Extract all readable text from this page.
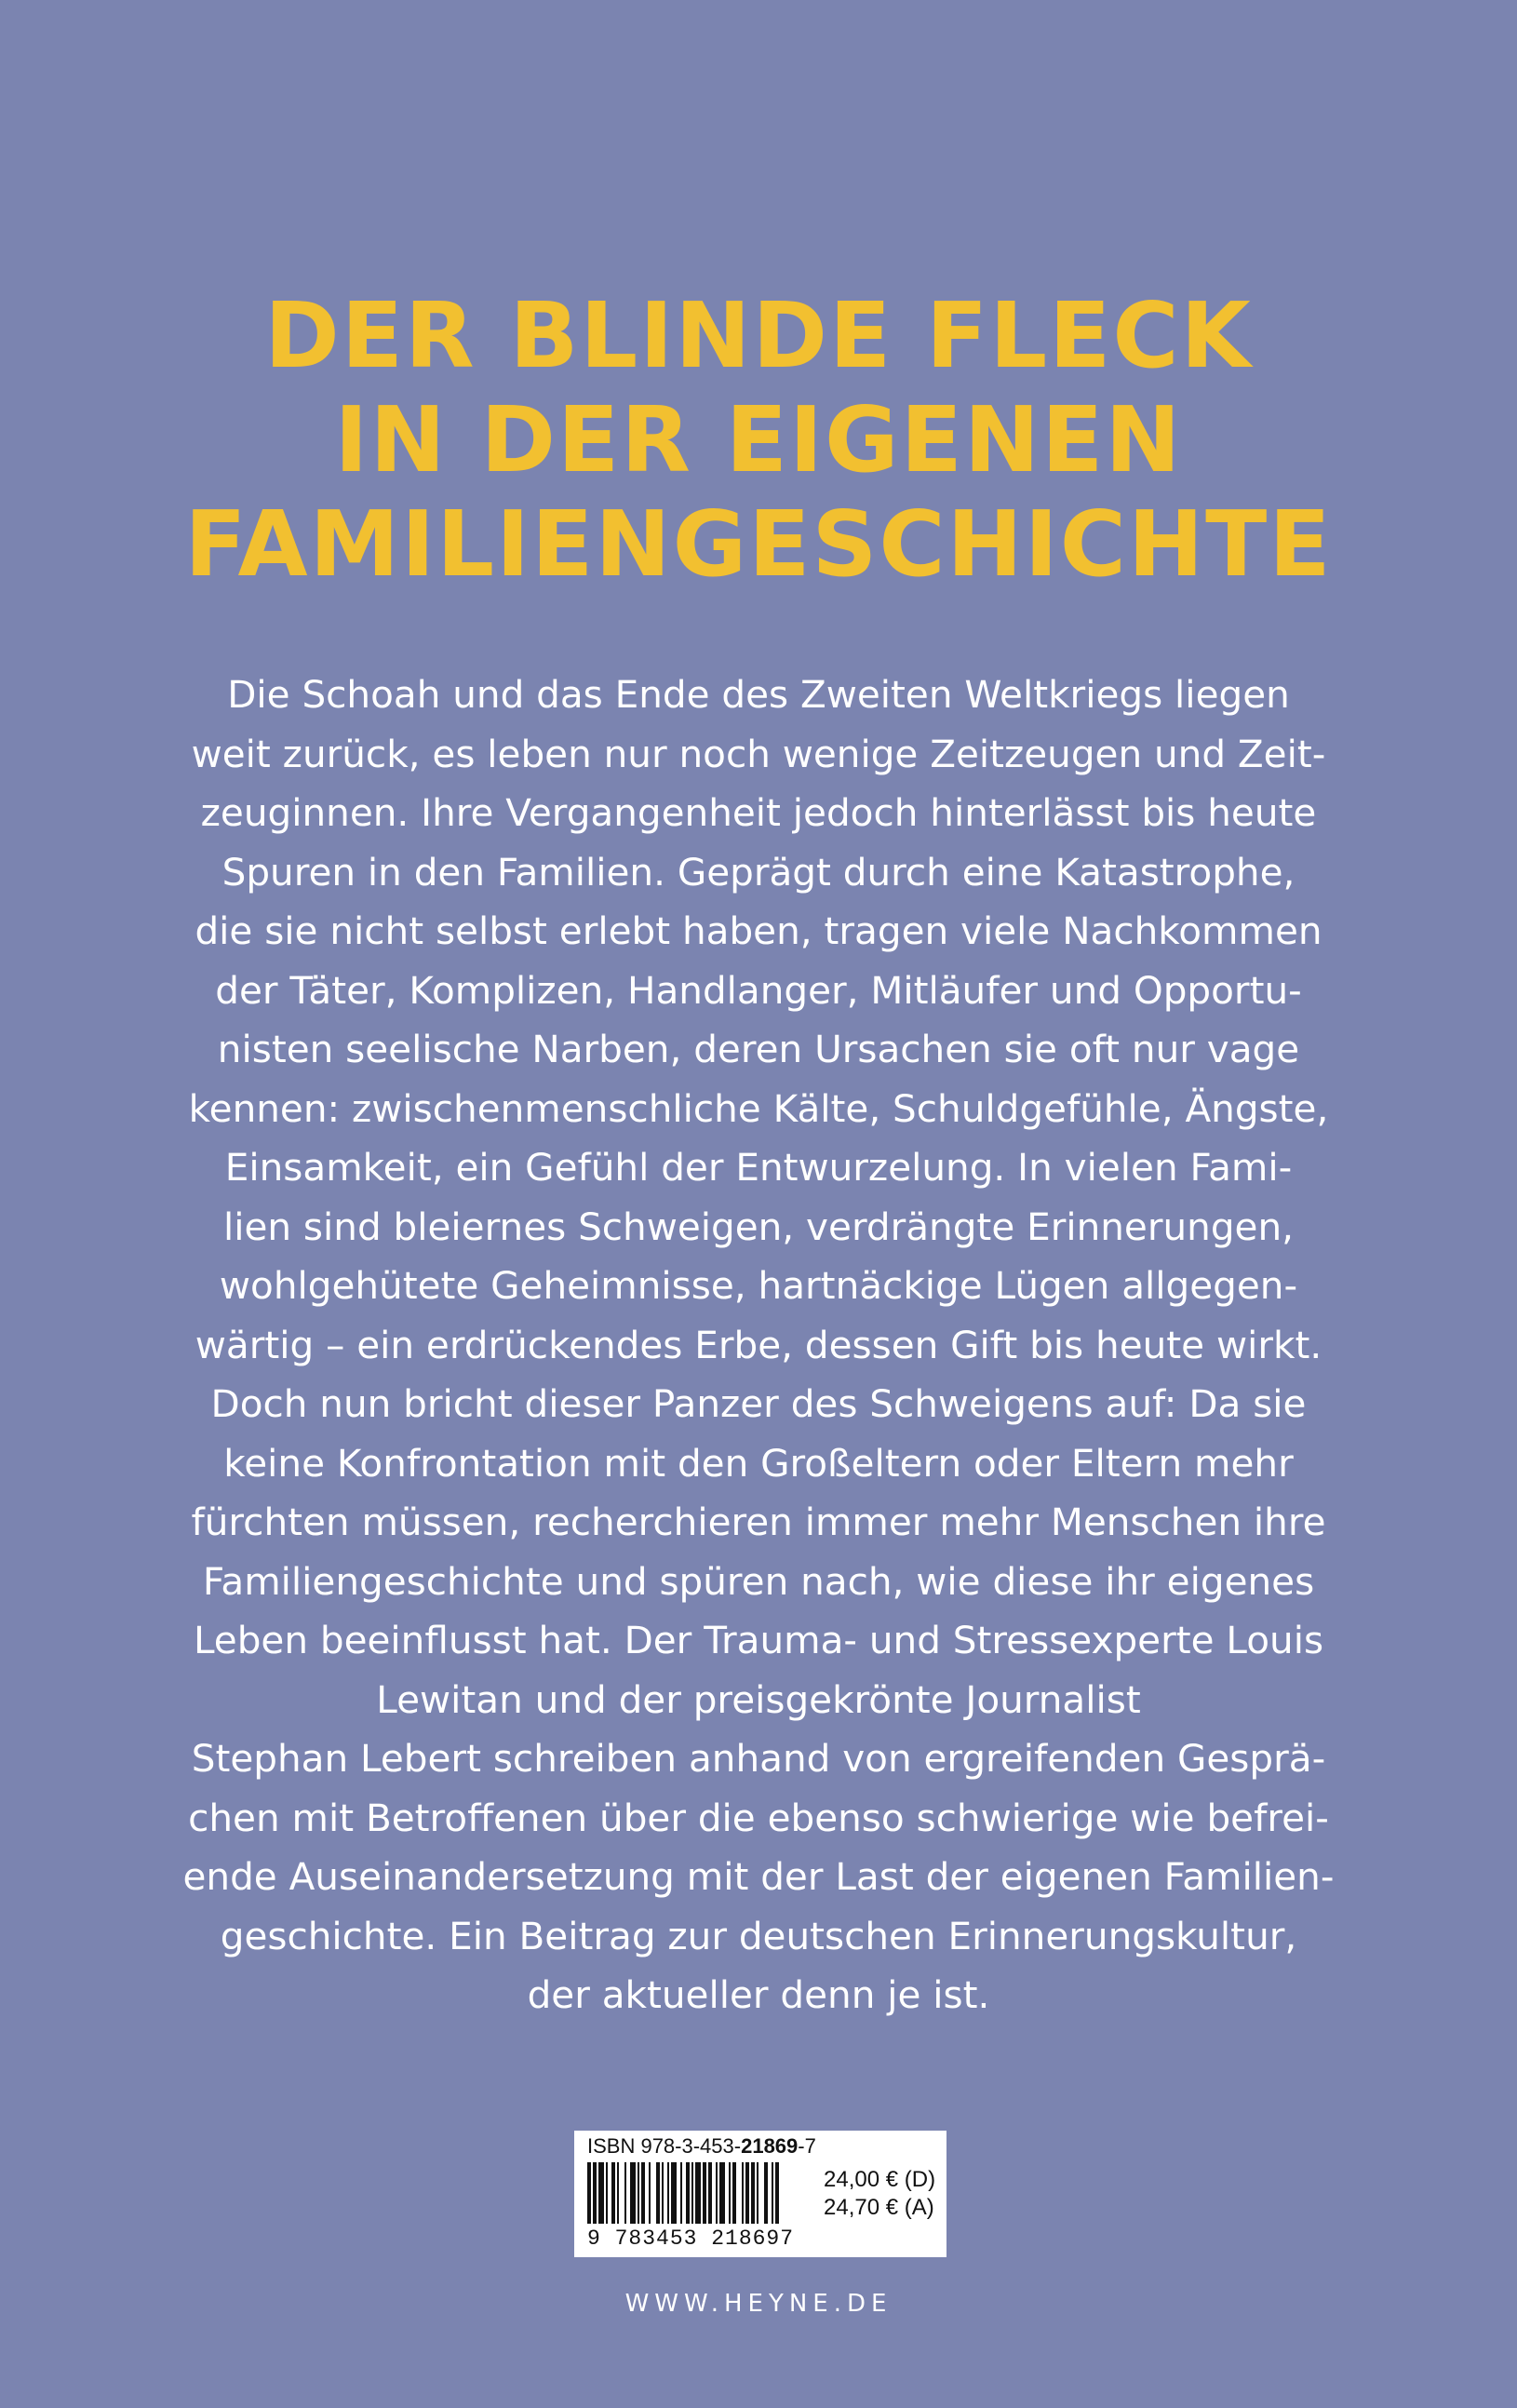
DER BLINDE FLECK
IN DER EIGENEN
FAMILIENGESCHICHTE
Die Schoah und das Ende des Zweiten Weltkriegs liegen
weit zurück, es leben nur noch wenige Zeitzeugen und Zeit-
zeuginnen. Ihre Vergangenheit jedoch hinterlässt bis heute
Spuren in den Familien. Geprägt durch eine Katastrophe,
die sie nicht selbst erlebt haben, tragen viele Nachkommen
der Täter, Komplizen, Handlanger, Mitläufer und Opportu-
nisten seelische Narben, deren Ursachen sie oft nur vage
kennen: zwischenmenschliche Kälte, Schuldgefühle, Ängste,
Einsamkeit, ein Gefühl der Entwurzelung. In vielen Fami-
lien sind bleiernes Schweigen, verdrängte Erinnerungen,
wohlgehütete Geheimnisse, hartnäckige Lügen allgegen-
wärtig – ein erdrückendes Erbe, dessen Gift bis heute wirkt.
Doch nun bricht dieser Panzer des Schweigens auf: Da sie
keine Konfrontation mit den Großeltern oder Eltern mehr
fürchten müssen, recherchieren immer mehr Menschen ihre
Familiengeschichte und spüren nach, wie diese ihr eigenes
Leben beeinflusst hat. Der Trauma- und Stressexperte Louis
Lewitan und der preisgekrönte Journalist
Stephan Lebert schreiben anhand von ergreifenden Gesprä-
chen mit Betroffenen über die ebenso schwierige wie befrei-
ende Auseinandersetzung mit der Last der eigenen Familien-
geschichte. Ein Beitrag zur deutschen Erinnerungskultur,
der aktueller denn je ist.
ISBN 978-3-453-21869-7
9 783453 218697
24,00 € (D)
24,70 € (A)
WWW.HEYNE.DE
